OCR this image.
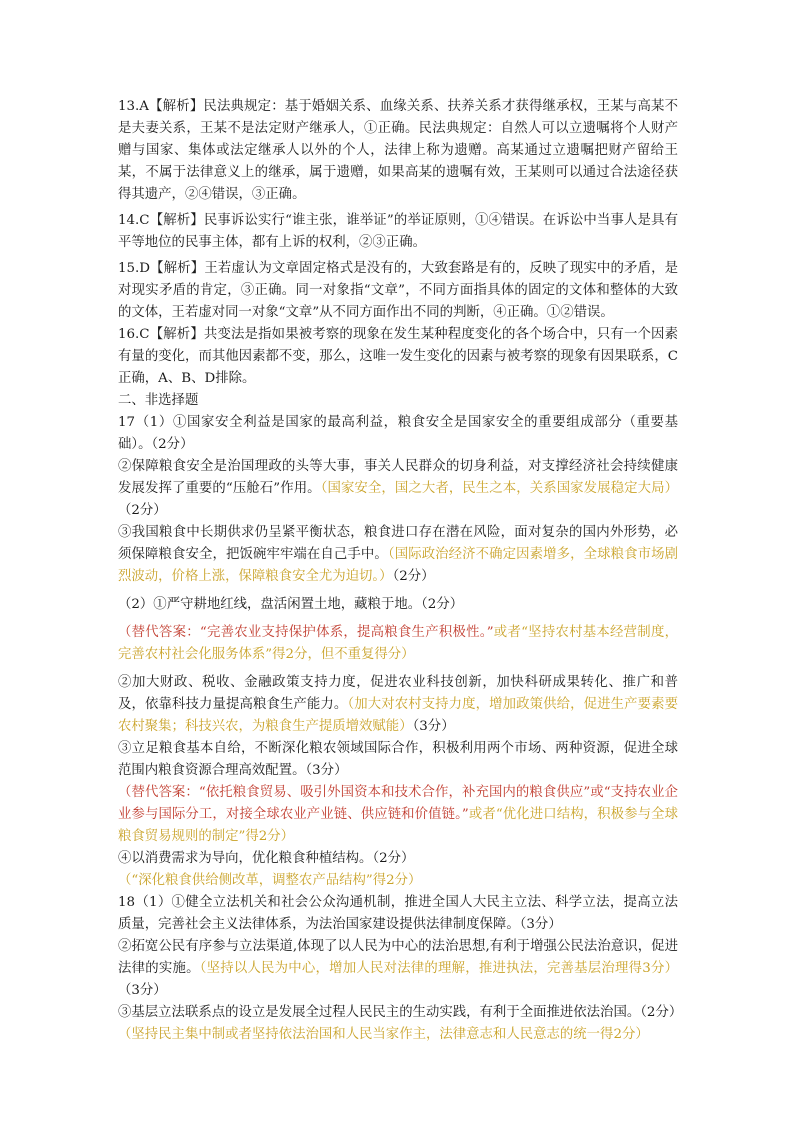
13.A【解析】民法典规定：基于婚姻关系、血缘关系、扶养关系才获得继承权，王某与高某不是夫妻关系，王某不是法定财产继承人，①正确。民法典规定：自然人可以立遗嘱将个人财产赠与国家、集体或法定继承人以外的个人，法律上称为遗赠。高某通过立遗嘱把财产留给王某，不属于法律意义上的继承，属于遗赠，如果高某的遗嘱有效，王某则可以通过合法途径获得其遗产，②④错误，③正确。

14.C【解析】民事诉讼实行“谁主张，谁举证”的举证原则，①④错误。在诉讼中当事人是具有平等地位的民事主体，都有上诉的权利，②③正确。

15.D【解析】王若虚认为文章固定格式是没有的，大致套路是有的，反映了现实中的矛盾，是对现实矛盾的肯定，③正确。同一对象指“文章”，不同方面指具体的固定的文体和整体的大致的文体，王若虚对同一对象“文章”从不同方面作出不同的判断，④正确。①②错误。

16.C【解析】共变法是指如果被考察的现象在发生某种程度变化的各个场合中，只有一个因素有量的变化，而其他因素都不变，那么，这唯一发生变化的因素与被考察的现象有因果联系，C正确，A、B、D排除。

二、非选择题

17（1）①国家安全利益是国家的最高利益，粮食安全是国家安全的重要组成部分（重要基础）。（2分）

②保障粮食安全是治国理政的头等大事，事关人民群众的切身利益，对支撑经济社会持续健康发展发挥了重要的“压舱石”作用。（国家安全，国之大者，民生之本，关系国家发展稳定大局）（2分）

③我国粮食中长期供求仍呈紧平衡状态，粮食进口存在潜在风险，面对复杂的国内外形势，必须保障粮食安全，把饭碗牢牢端在自己手中。（国际政治经济不确定因素增多，全球粮食市场剧烈波动，价格上涨，保障粮食安全尤为迫切。）（2分）

（2）①严守耕地红线，盘活闲置土地，藏粮于地。（2分）

（替代答案：“完善农业支持保护体系，提高粮食生产积极性。”或者“坚持农村基本经营制度，完善农村社会化服务体系”得2分，但不重复得分）

②加大财政、税收、金融政策支持力度，促进农业科技创新，加快科研成果转化、推广和普及，依靠科技力量提高粮食生产能力。（加大对农村支持力度，增加政策供给，促进生产要素要农村聚集；科技兴农，为粮食生产提质增效赋能）（3分）

③立足粮食基本自给，不断深化粮农领域国际合作，积极利用两个市场、两种资源，促进全球范围内粮食资源合理高效配置。（3分）

（替代答案：“依托粮食贸易、吸引外国资本和技术合作，补充国内的粮食供应”或“支持农业企业参与国际分工，对接全球农业产业链、供应链和价值链。”或者“优化进口结构，积极参与全球粮食贸易规则的制定”得2分）

④以消费需求为导向，优化粮食种植结构。（2分）

（“深化粮食供给侧改革，调整农产品结构”得2分）

18（1）①健全立法机关和社会公众沟通机制，推进全国人大民主立法、科学立法，提高立法质量，完善社会主义法律体系，为法治国家建设提供法律制度保障。（3分）

②拓宽公民有序参与立法渠道,体现了以人民为中心的法治思想,有利于增强公民法治意识，促进法律的实施。（坚持以人民为中心，增加人民对法律的理解，推进执法，完善基层治理得3分）（3分）

③基层立法联系点的设立是发展全过程人民民主的生动实践，有利于全面推进依法治国。（2分）（坚持民主集中制或者坚持依法治国和人民当家作主，法律意志和人民意志的统一得2分）
